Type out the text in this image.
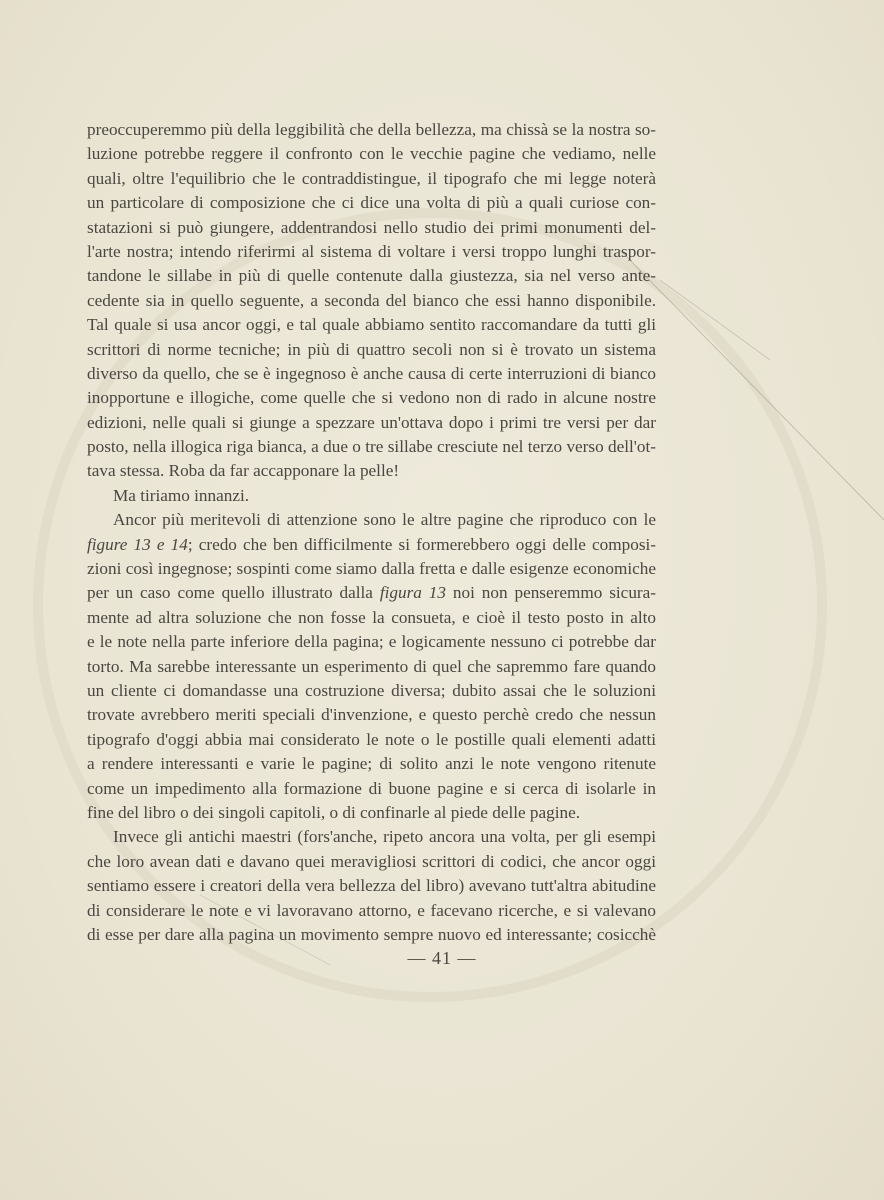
preoccuperemmo più della leggibilità che della bellezza, ma chissà se la nostra so-
luzione potrebbe reggere il confronto con le vecchie pagine che vediamo, nelle
quali, oltre l'equilibrio che le contraddistingue, il tipografo che mi legge noterà
un particolare di composizione che ci dice una volta di più a quali curiose con-
statazioni si può giungere, addentrandosi nello studio dei primi monumenti del-
l'arte nostra; intendo riferirmi al sistema di voltare i versi troppo lunghi traspor-
tandone le sillabe in più di quelle contenute dalla giustezza, sia nel verso ante-
cedente sia in quello seguente, a seconda del bianco che essi hanno disponibile.
Tal quale si usa ancor oggi, e tal quale abbiamo sentito raccomandare da tutti gli
scrittori di norme tecniche; in più di quattro secoli non si è trovato un sistema
diverso da quello, che se è ingegnoso è anche causa di certe interruzioni di bianco
inopportune e illogiche, come quelle che si vedono non di rado in alcune nostre
edizioni, nelle quali si giunge a spezzare un'ottava dopo i primi tre versi per dar
posto, nella illogica riga bianca, a due o tre sillabe cresciute nel terzo verso dell'ot-
tava stessa. Roba da far accapponare la pelle!
Ma tiriamo innanzi.
Ancor più meritevoli di attenzione sono le altre pagine che riproduco con le
figure 13 e 14; credo che ben difficilmente si formerebbero oggi delle composi-
zioni così ingegnose; sospinti come siamo dalla fretta e dalle esigenze economiche
per un caso come quello illustrato dalla figura 13 noi non penseremmo sicura-
mente ad altra soluzione che non fosse la consueta, e cioè il testo posto in alto
e le note nella parte inferiore della pagina; e logicamente nessuno ci potrebbe dar
torto. Ma sarebbe interessante un esperimento di quel che sapremmo fare quando
un cliente ci domandasse una costruzione diversa; dubito assai che le soluzioni
trovate avrebbero meriti speciali d'invenzione, e questo perchè credo che nessun
tipografo d'oggi abbia mai considerato le note o le postille quali elementi adatti
a rendere interessanti e varie le pagine; di solito anzi le note vengono ritenute
come un impedimento alla formazione di buone pagine e si cerca di isolarle in
fine del libro o dei singoli capitoli, o di confinarle al piede delle pagine.
Invece gli antichi maestri (fors'anche, ripeto ancora una volta, per gli esempi
che loro avean dati e davano quei meravigliosi scrittori di codici, che ancor oggi
sentiamo essere i creatori della vera bellezza del libro) avevano tutt'altra abitudine
di considerare le note e vi lavoravano attorno, e facevano ricerche, e si valevano
di esse per dare alla pagina un movimento sempre nuovo ed interessante; cosicchè
— 41 —
